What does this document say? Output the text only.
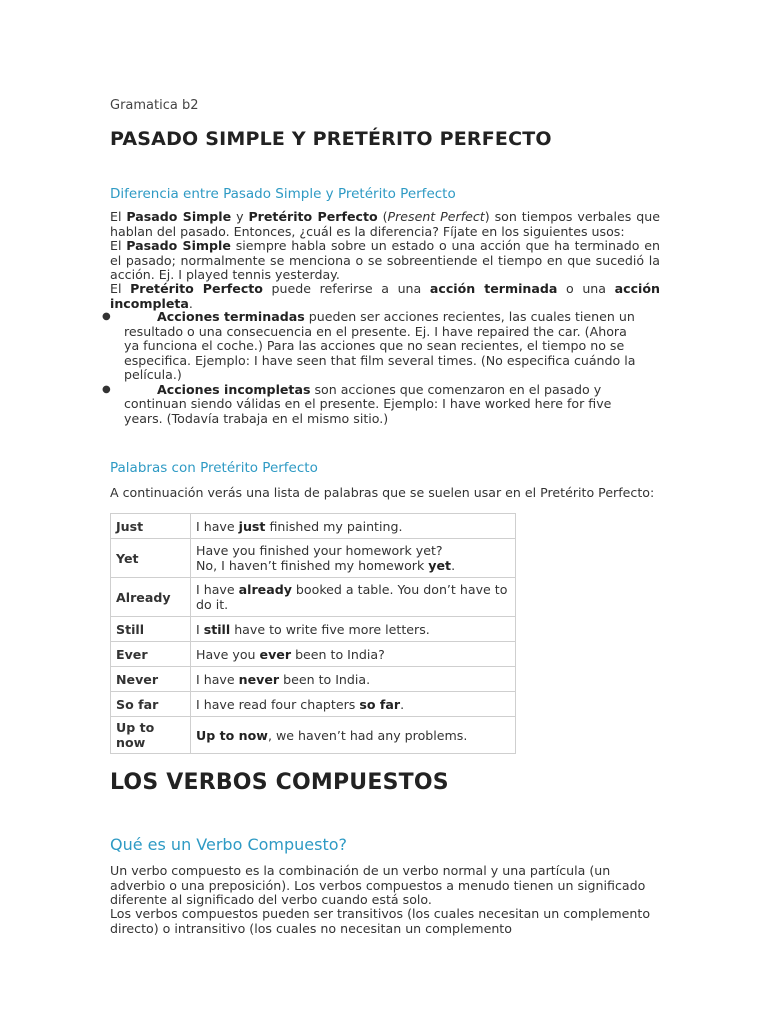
Gramatica b2

PASADO SIMPLE Y PRETÉRITO PERFECTO
Diferencia entre Pasado Simple y Pretérito Perfecto

El Pasado Simple y Pretérito Perfecto (Present Perfect) son tiempos verbales que hablan del pasado. Entonces, ¿cuál es la diferencia? Fíjate en los siguientes usos:

El Pasado Simple siempre habla sobre un estado o una acción que ha terminado en el pasado; normalmente se menciona o se sobreentiende el tiempo en que sucedió la acción. Ej. I played tennis yesterday.

El Pretérito Perfecto puede referirse a una acción terminada o una acción incompleta.

●	Acciones terminadas pueden ser acciones recientes, las cuales tienen un resultado o una consecuencia en el presente. Ej. I have repaired the car. (Ahora ya funciona el coche.) Para las acciones que no sean recientes, el tiempo no se especifica. Ejemplo: I have seen that film several times. (No especifica cuándo la película.)
●	Acciones incompletas son acciones que comenzaron en el pasado y continuan siendo válidas en el presente. Ejemplo: I have worked here for five years. (Todavía trabaja en el mismo sitio.)
Palabras con Pretérito Perfecto

A continuación verás una lista de palabras que se suelen usar en el Pretérito Perfecto:

Just	I have just finished my painting.
Yet	Have you finished your homework yet?
No, I haven’t finished my homework yet.
Already	I have already booked a table. You don’t have to do it.
Still	I still have to write five more letters.
Ever	Have you ever been to India?
Never	I have never been to India.
So far	I have read four chapters so far.
Up to now	Up to now, we haven’t had any problems.
LOS VERBOS COMPUESTOS
Qué es un Verbo Compuesto?

Un verbo compuesto es la combinación de un verbo normal y una partícula (un adverbio o una preposición). Los verbos compuestos a menudo tienen un significado diferente al significado del verbo cuando está solo.

Los verbos compuestos pueden ser transitivos (los cuales necesitan un complemento directo) o intransitivo (los cuales no necesitan un complemento
